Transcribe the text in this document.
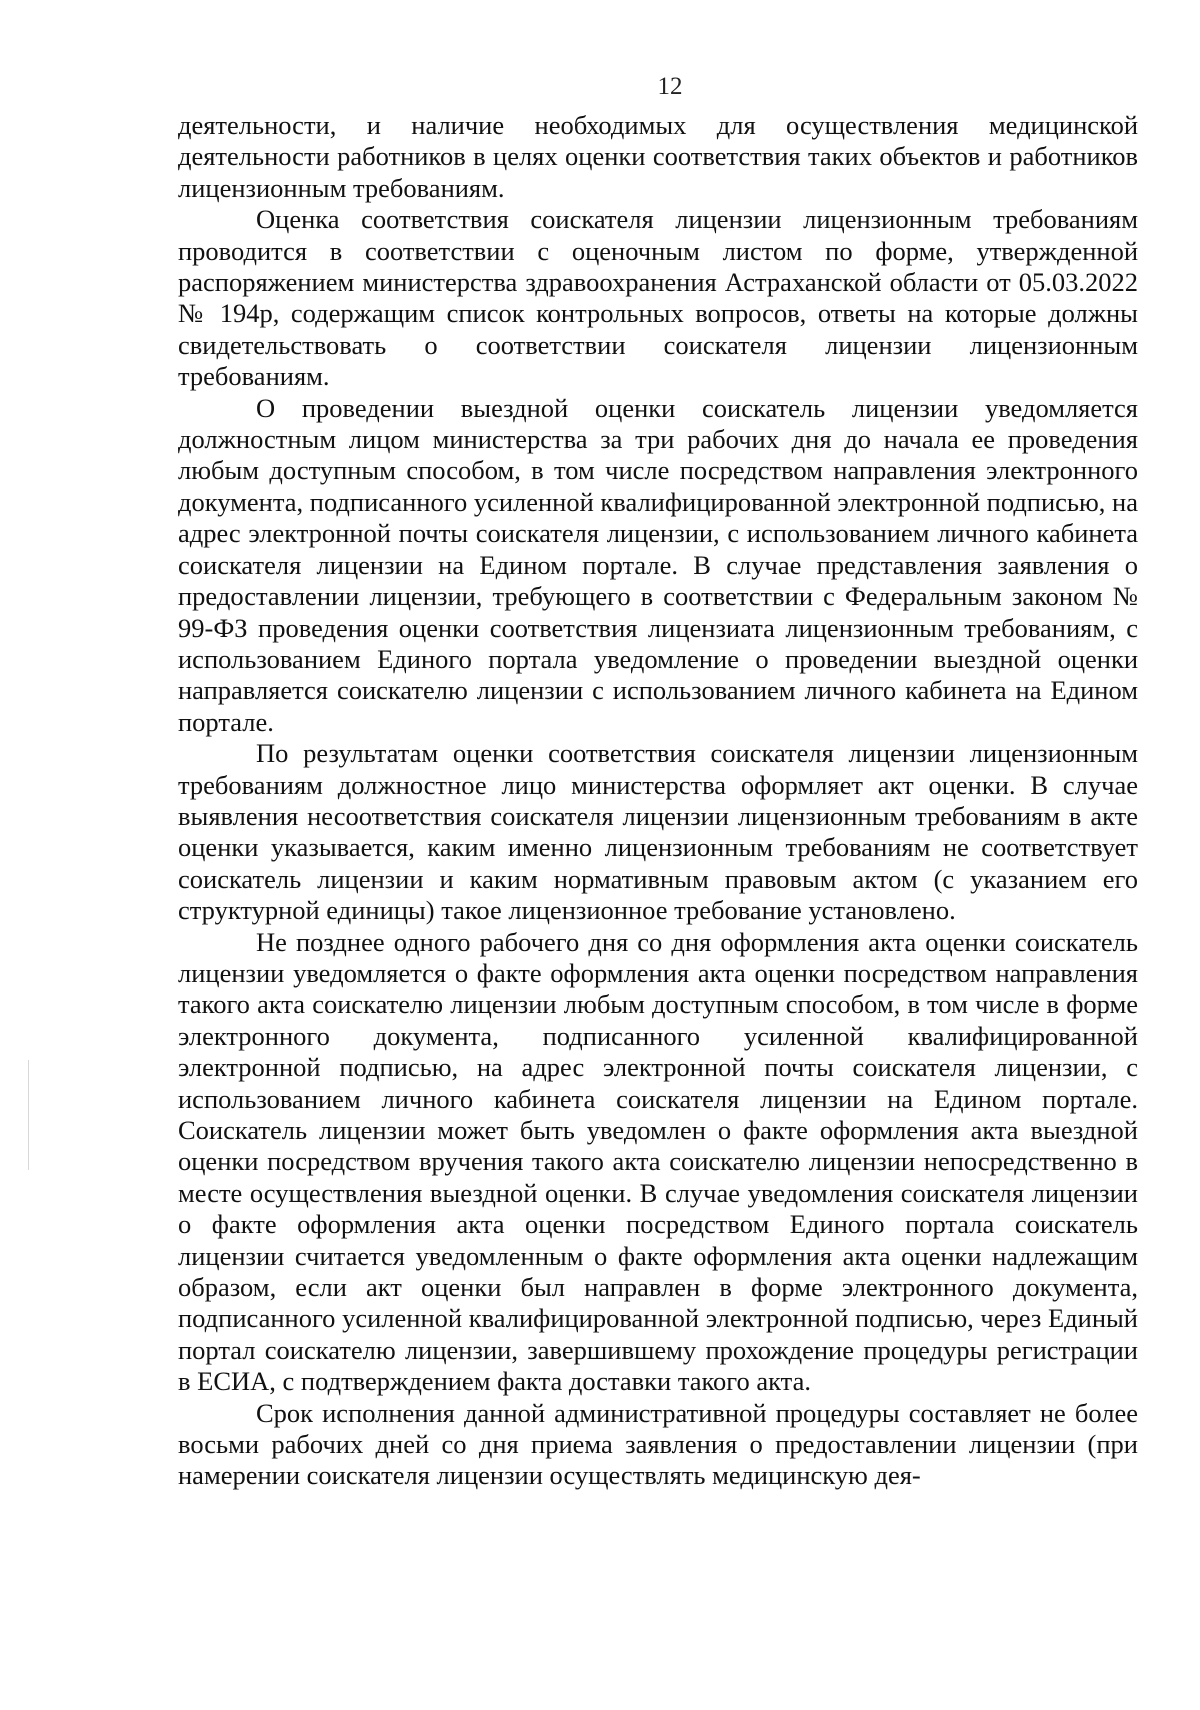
12

деятельности, и наличие необходимых для осуществления медицинской деятельности работников в целях оценки соответствия таких объектов и работников лицензионным требованиям.

Оценка соответствия соискателя лицензии лицензионным требованиям проводится в соответствии с оценочным листом по форме, утвержденной распоряжением министерства здравоохранения Астраханской области от 05.03.2022 № 194р, содержащим список контрольных вопросов, ответы на которые должны свидетельствовать о соответствии соискателя лицензии лицензионным требованиям.

О проведении выездной оценки соискатель лицензии уведомляется должностным лицом министерства за три рабочих дня до начала ее проведения любым доступным способом, в том числе посредством направления электронного документа, подписанного усиленной квалифицированной электронной подписью, на адрес электронной почты соискателя лицензии, с использованием личного кабинета соискателя лицензии на Едином портале. В случае представления заявления о предоставлении лицензии, требующего в соответствии с Федеральным законом № 99-ФЗ проведения оценки соответствия лицензиата лицензионным требованиям, с использованием Единого портала уведомление о проведении выездной оценки направляется соискателю лицензии с использованием личного кабинета на Едином портале.

По результатам оценки соответствия соискателя лицензии лицензионным требованиям должностное лицо министерства оформляет акт оценки. В случае выявления несоответствия соискателя лицензии лицензионным требованиям в акте оценки указывается, каким именно лицензионным требованиям не соответствует соискатель лицензии и каким нормативным правовым актом (с указанием его структурной единицы) такое лицензионное требование установлено.

Не позднее одного рабочего дня со дня оформления акта оценки соискатель лицензии уведомляется о факте оформления акта оценки посредством направления такого акта соискателю лицензии любым доступным способом, в том числе в форме электронного документа, подписанного усиленной квалифицированной электронной подписью, на адрес электронной почты соискателя лицензии, с использованием личного кабинета соискателя лицензии на Едином портале. Соискатель лицензии может быть уведомлен о факте оформления акта выездной оценки посредством вручения такого акта соискателю лицензии непосредственно в месте осуществления выездной оценки. В случае уведомления соискателя лицензии о факте оформления акта оценки посредством Единого портала соискатель лицензии считается уведомленным о факте оформления акта оценки надлежащим образом, если акт оценки был направлен в форме электронного документа, подписанного усиленной квалифицированной электронной подписью, через Единый портал соискателю лицензии, завершившему прохождение процедуры регистрации в ЕСИА, с подтверждением факта доставки такого акта.

Срок исполнения данной административной процедуры составляет не более восьми рабочих дней со дня приема заявления о предоставлении лицензии (при намерении соискателя лицензии осуществлять медицинскую дея-
